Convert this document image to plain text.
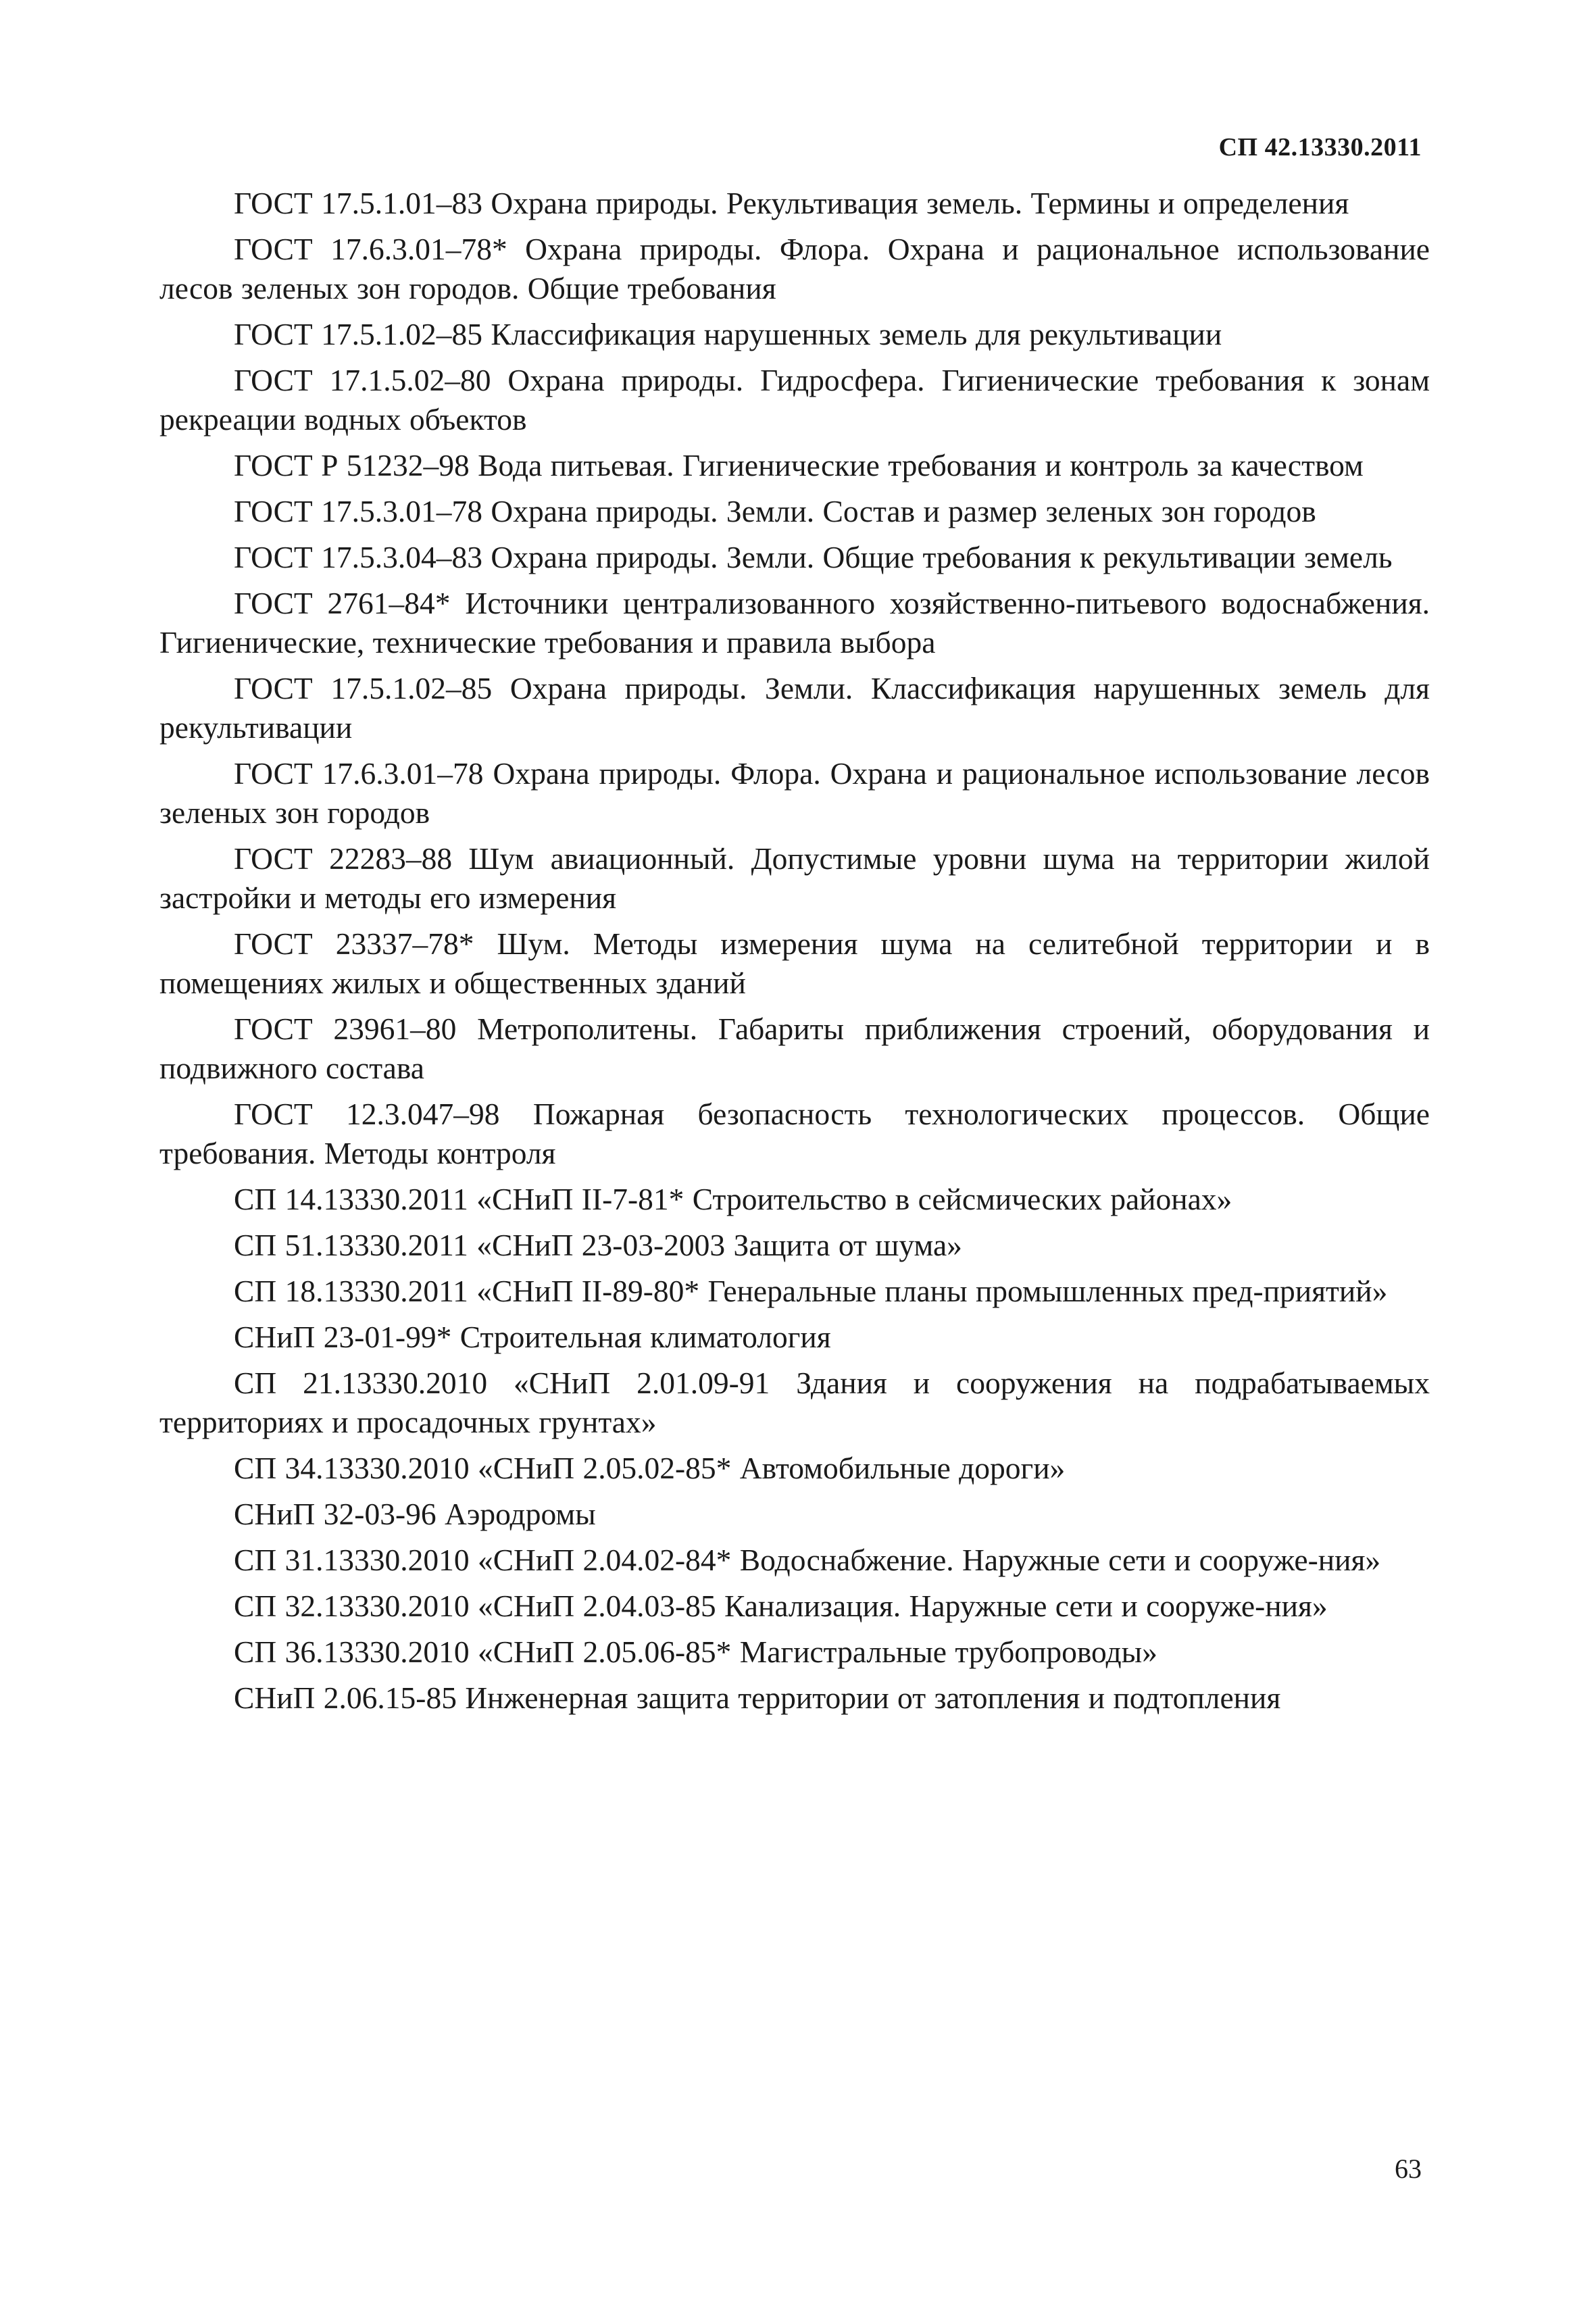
СП 42.13330.2011

ГОСТ 17.5.1.01–83 Охрана природы. Рекультивация земель. Термины и определения

ГОСТ 17.6.3.01–78* Охрана природы. Флора. Охрана и рациональное использование лесов зеленых зон городов. Общие требования

ГОСТ 17.5.1.02–85 Классификация нарушенных земель для рекультивации

ГОСТ 17.1.5.02–80 Охрана природы. Гидросфера. Гигиенические требования к зонам рекреации водных объектов

ГОСТ Р 51232–98 Вода питьевая. Гигиенические требования и контроль за качеством

ГОСТ 17.5.3.01–78 Охрана природы. Земли. Состав и размер зеленых зон городов

ГОСТ 17.5.3.04–83 Охрана природы. Земли. Общие требования к рекультивации земель

ГОСТ 2761–84* Источники централизованного хозяйственно-питьевого водоснабжения. Гигиенические, технические требования и правила выбора

ГОСТ 17.5.1.02–85 Охрана природы. Земли. Классификация нарушенных земель для рекультивации

ГОСТ 17.6.3.01–78 Охрана природы. Флора. Охрана и рациональное использование лесов зеленых зон городов

ГОСТ 22283–88 Шум авиационный. Допустимые уровни шума на территории жилой застройки и методы его измерения

ГОСТ 23337–78* Шум. Методы измерения шума на селитебной территории и в помещениях жилых и общественных зданий

ГОСТ 23961–80 Метрополитены. Габариты приближения строений, оборудования и подвижного состава

ГОСТ 12.3.047–98 Пожарная безопасность технологических процессов. Общие требования. Методы контроля

СП 14.13330.2011 «СНиП II-7-81* Строительство в сейсмических районах»

СП 51.13330.2011 «СНиП 23-03-2003 Защита от шума»

СП 18.13330.2011 «СНиП II-89-80* Генеральные планы промышленных пред-приятий»

СНиП 23-01-99* Строительная климатология

СП 21.13330.2010 «СНиП 2.01.09-91 Здания и сооружения на подрабатываемых территориях и просадочных грунтах»

СП 34.13330.2010 «СНиП 2.05.02-85* Автомобильные дороги»

СНиП 32-03-96 Аэродромы

СП 31.13330.2010 «СНиП 2.04.02-84* Водоснабжение. Наружные сети и сооруже-ния»

СП 32.13330.2010 «СНиП 2.04.03-85 Канализация. Наружные сети и сооруже-ния»

СП 36.13330.2010 «СНиП 2.05.06-85* Магистральные трубопроводы»

СНиП 2.06.15-85 Инженерная защита территории от затопления и подтопления

63
